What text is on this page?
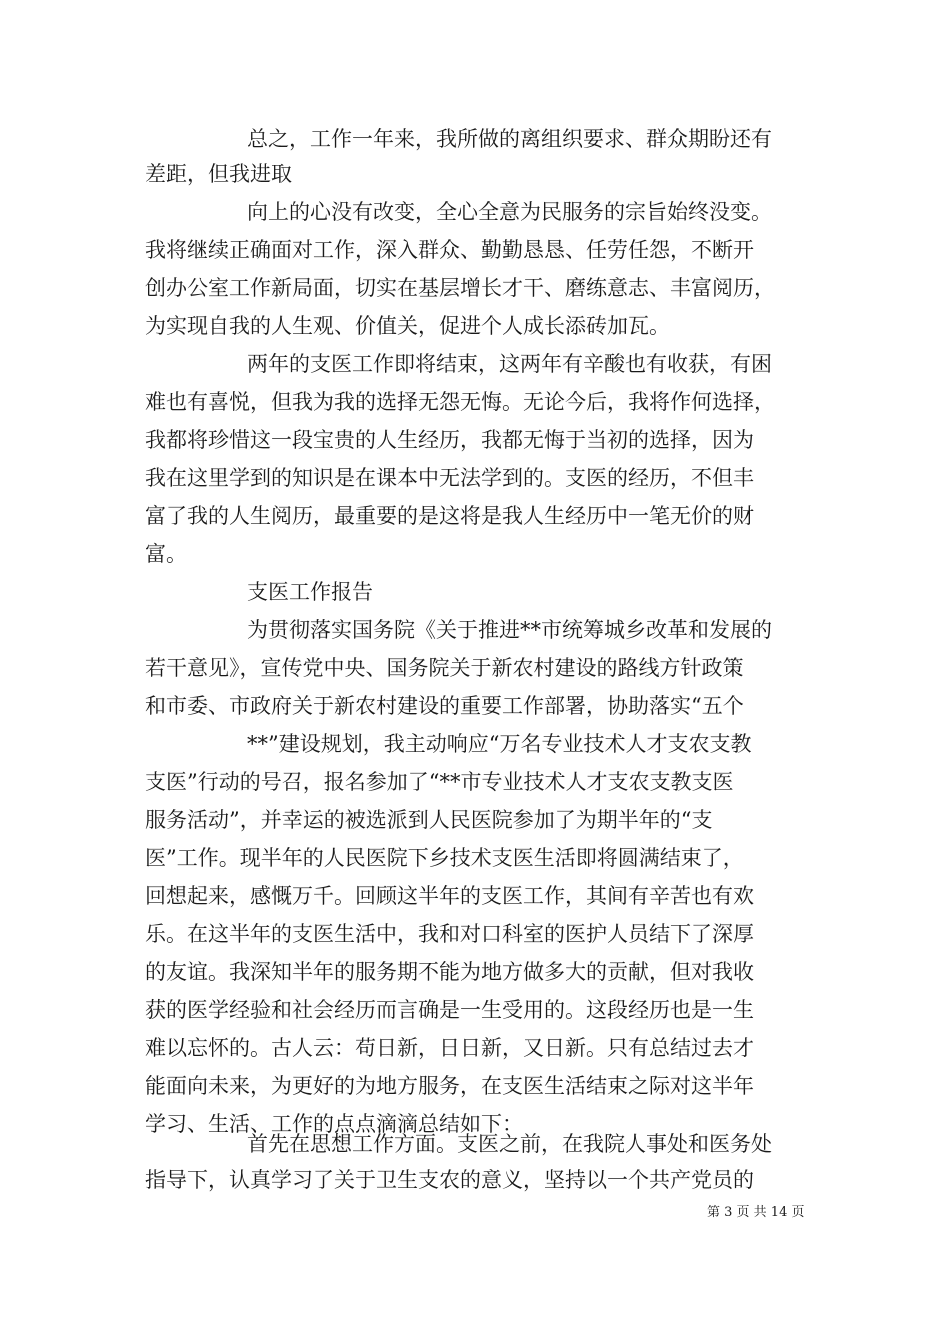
总之，工作一年来，我所做的离组织要求、群众期盼还有
差距，但我进取
向上的心没有改变，全心全意为民服务的宗旨始终没变。
我将继续正确面对工作，深入群众、勤勤恳恳、任劳任怨，不断开
创办公室工作新局面，切实在基层增长才干、磨练意志、丰富阅历，
为实现自我的人生观、价值关，促进个人成长添砖加瓦。
两年的支医工作即将结束，这两年有辛酸也有收获，有困
难也有喜悦，但我为我的选择无怨无悔。无论今后，我将作何选择，
我都将珍惜这一段宝贵的人生经历，我都无悔于当初的选择，因为
我在这里学到的知识是在课本中无法学到的。支医的经历，不但丰
富了我的人生阅历，最重要的是这将是我人生经历中一笔无价的财
富。
支医工作报告
为贯彻落实国务院《关于推进**市统筹城乡改革和发展的
若干意见》，宣传党中央、国务院关于新农村建设的路线方针政策
和市委、市政府关于新农村建设的重要工作部署，协助落实“五个
**”建设规划，我主动响应“万名专业技术人才支农支教
支医”行动的号召，报名参加了“**市专业技术人才支农支教支医
服务活动”，并幸运的被选派到人民医院参加了为期半年的“支
医”工作。现半年的人民医院下乡技术支医生活即将圆满结束了，
回想起来，感慨万千。回顾这半年的支医工作，其间有辛苦也有欢
乐。在这半年的支医生活中，我和对口科室的医护人员结下了深厚
的友谊。我深知半年的服务期不能为地方做多大的贡献，但对我收
获的医学经验和社会经历而言确是一生受用的。这段经历也是一生
难以忘怀的。古人云：苟日新，日日新，又日新。只有总结过去才
能面向未来，为更好的为地方服务，在支医生活结束之际对这半年
学习、生活、工作的点点滴滴总结如下：
首先在思想工作方面。支医之前，在我院人事处和医务处
指导下，认真学习了关于卫生支农的意义，坚持以一个共产党员的
第 3 页 共 14 页
